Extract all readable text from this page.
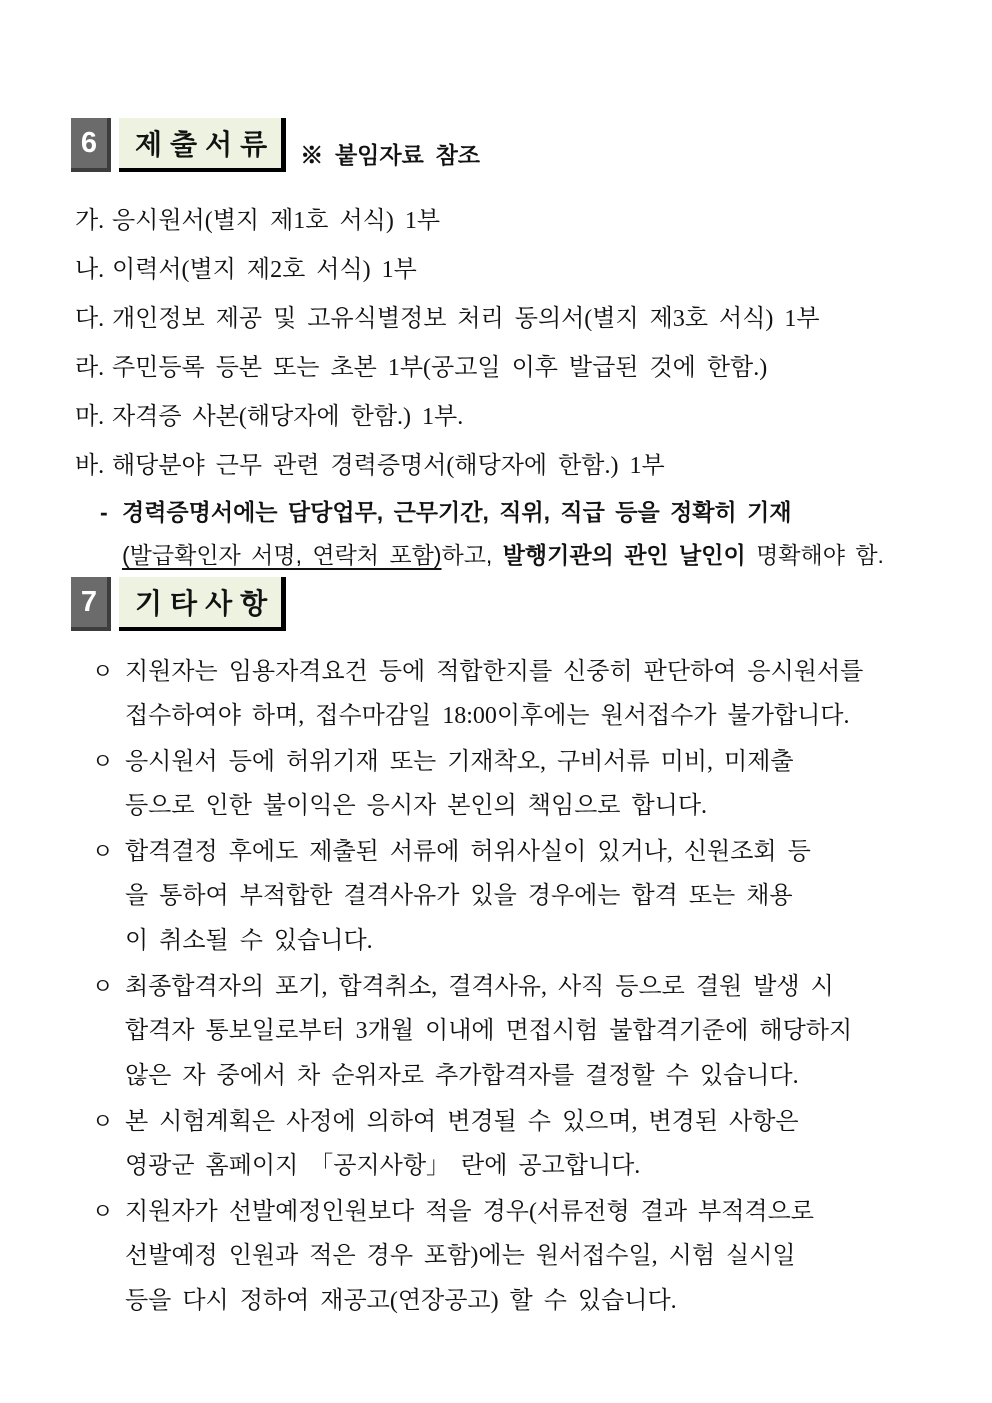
6 제출서류 ※ 붙임자료 참조
가. 응시원서(별지 제1호 서식) 1부
나. 이력서(별지 제2호 서식) 1부
다. 개인정보 제공 및 고유식별정보 처리 동의서(별지 제3호 서식) 1부
라. 주민등록 등본 또는 초본 1부(공고일 이후 발급된 것에 한함.)
마. 자격증 사본(해당자에 한함.) 1부.
바. 해당분야 근무 관련 경력증명서(해당자에 한함.) 1부
- 경력증명서에는 담당업무, 근무기간, 직위, 직급 등을 정확히 기재
(발급확인자 서명, 연락처 포함)하고, 발행기관의 관인 날인이 명확해야 함.
7 기타사항
ㅇ 지원자는 임용자격요건 등에 적합한지를 신중히 판단하여 응시원서를
접수하여야 하며, 접수마감일 18:00이후에는 원서접수가 불가합니다.
ㅇ 응시원서 등에 허위기재 또는 기재착오, 구비서류 미비, 미제출
등으로 인한 불이익은 응시자 본인의 책임으로 합니다.
ㅇ 합격결정 후에도 제출된 서류에 허위사실이 있거나, 신원조회 등
을 통하여 부적합한 결격사유가 있을 경우에는 합격 또는 채용
이 취소될 수 있습니다.
ㅇ 최종합격자의 포기, 합격취소, 결격사유, 사직 등으로 결원 발생 시
합격자 통보일로부터 3개월 이내에 면접시험 불합격기준에 해당하지
않은 자 중에서 차 순위자로 추가합격자를 결정할 수 있습니다.
ㅇ 본 시험계획은 사정에 의하여 변경될 수 있으며, 변경된 사항은
영광군 홈페이지 「공지사항」 란에 공고합니다.
ㅇ 지원자가 선발예정인원보다 적을 경우(서류전형 결과 부적격으로
선발예정 인원과 적은 경우 포함)에는 원서접수일, 시험 실시일
등을 다시 정하여 재공고(연장공고) 할 수 있습니다.
